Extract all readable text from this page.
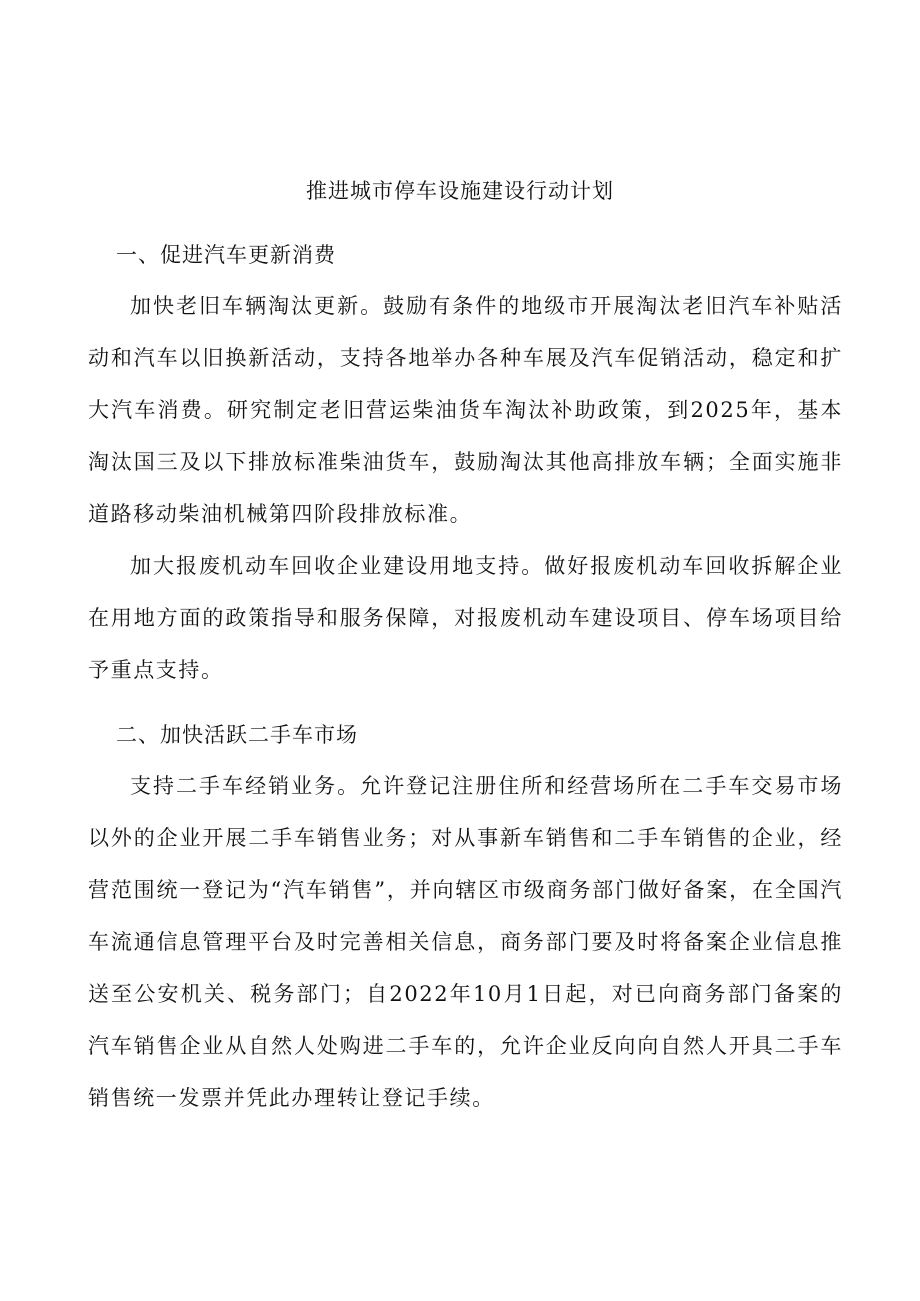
推进城市停车设施建设行动计划
一、促进汽车更新消费

加快老旧车辆淘汰更新。鼓励有条件的地级市开展淘汰老旧汽车补贴活动和汽车以旧换新活动，支持各地举办各种车展及汽车促销活动，稳定和扩大汽车消费。研究制定老旧营运柴油货车淘汰补助政策，到2025年，基本淘汰国三及以下排放标准柴油货车，鼓励淘汰其他高排放车辆；全面实施非道路移动柴油机械第四阶段排放标准。

加大报废机动车回收企业建设用地支持。做好报废机动车回收拆解企业在用地方面的政策指导和服务保障，对报废机动车建设项目、停车场项目给予重点支持。

二、加快活跃二手车市场

支持二手车经销业务。允许登记注册住所和经营场所在二手车交易市场以外的企业开展二手车销售业务；对从事新车销售和二手车销售的企业，经营范围统一登记为“汽车销售”，并向辖区市级商务部门做好备案，在全国汽车流通信息管理平台及时完善相关信息，商务部门要及时将备案企业信息推送至公安机关、税务部门；自2022年10月1日起，对已向商务部门备案的汽车销售企业从自然人处购进二手车的，允许企业反向向自然人开具二手车销售统一发票并凭此办理转让登记手续。
